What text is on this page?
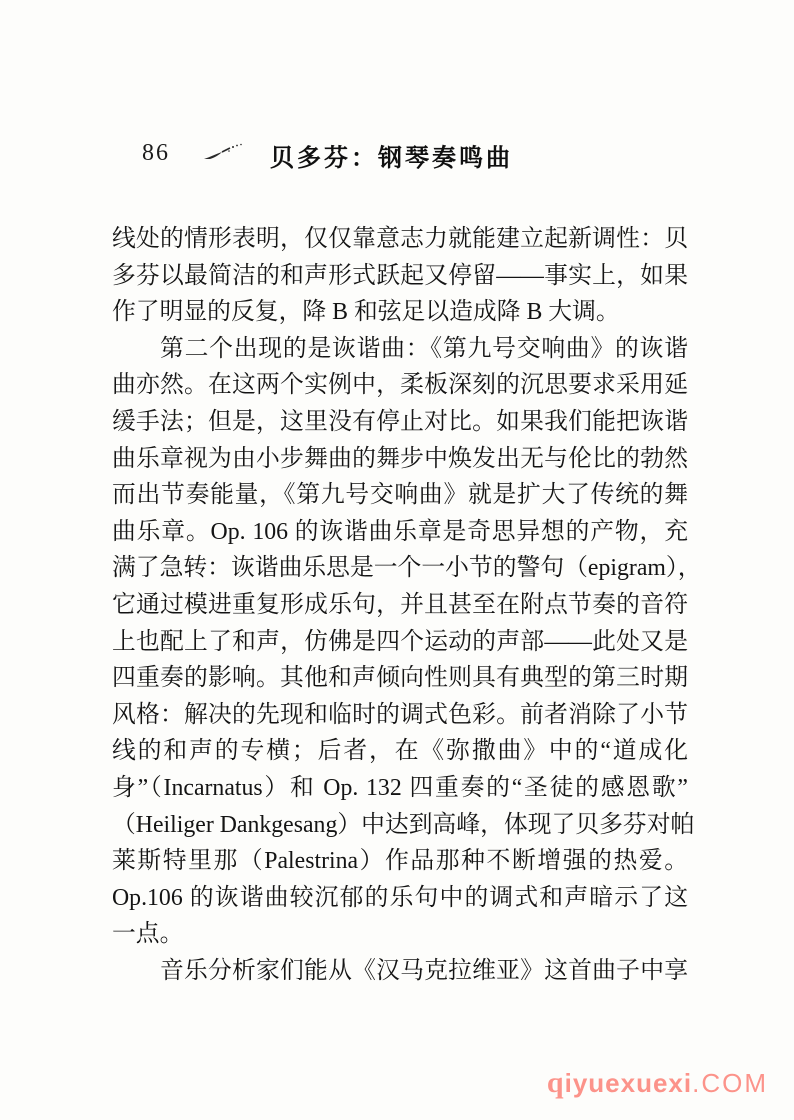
86	贝多芬：钢琴奏鸣曲
线处的情形表明，仅仅靠意志力就能建立起新调性：贝
多芬以最简洁的和声形式跃起又停留——事实上，如果
作了明显的反复，降 B 和弦足以造成降 B 大调。
第二个出现的是诙谐曲：《第九号交响曲》的诙谐
曲亦然。在这两个实例中，柔板深刻的沉思要求采用延
缓手法；但是，这里没有停止对比。如果我们能把诙谐
曲乐章视为由小步舞曲的舞步中焕发出无与伦比的勃然
而出节奏能量，《第九号交响曲》就是扩大了传统的舞
曲乐章。Op. 106 的诙谐曲乐章是奇思异想的产物，充
满了急转：诙谐曲乐思是一个一小节的警句（epigram），
它通过模进重复形成乐句，并且甚至在附点节奏的音符
上也配上了和声，仿佛是四个运动的声部——此处又是
四重奏的影响。其他和声倾向性则具有典型的第三时期
风格：解决的先现和临时的调式色彩。前者消除了小节
线的和声的专横；后者，在《弥撒曲》中的“道成化
身”（Incarnatus）和 Op. 132 四重奏的“圣徒的感恩歌”
（Heiliger Dankgesang）中达到高峰，体现了贝多芬对帕
莱斯特里那（Palestrina）作品那种不断增强的热爱。
Op.106 的诙谐曲较沉郁的乐句中的调式和声暗示了这
一点。
音乐分析家们能从《汉马克拉维亚》这首曲子中享
qiyuexuexi.COM
